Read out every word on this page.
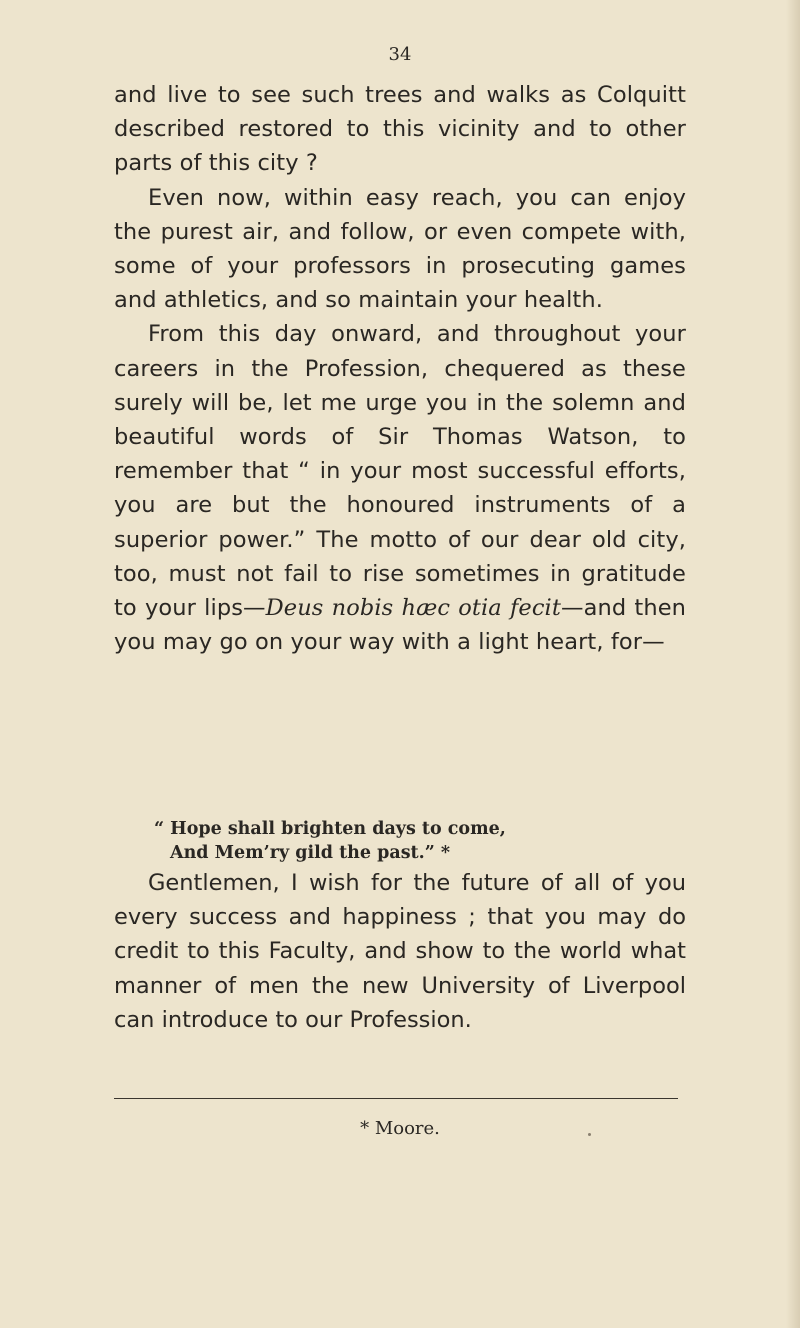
34

and live to see such trees and walks as Colquitt described restored to this vicinity and to other parts of this city ?

Even now, within easy reach, you can enjoy the purest air, and follow, or even compete with, some of your professors in prosecuting games and athletics, and so maintain your health.

From this day onward, and throughout your careers in the Profession, chequered as these surely will be, let me urge you in the solemn and beautiful words of Sir Thomas Watson, to remember that “ in your most successful efforts, you are but the honoured instruments of a superior power.” The motto of our dear old city, too, must not fail to rise sometimes in gratitude to your lips—Deus nobis hæc otia fecit—and then you may go on your way with a light heart, for—

“ Hope shall brighten days to come,
And Mem’ry gild the past.” *

Gentlemen, I wish for the future of all of you every success and happiness ; that you may do credit to this Faculty, and show to the world what manner of men the new University of Liverpool can introduce to our Profession.

* Moore.
